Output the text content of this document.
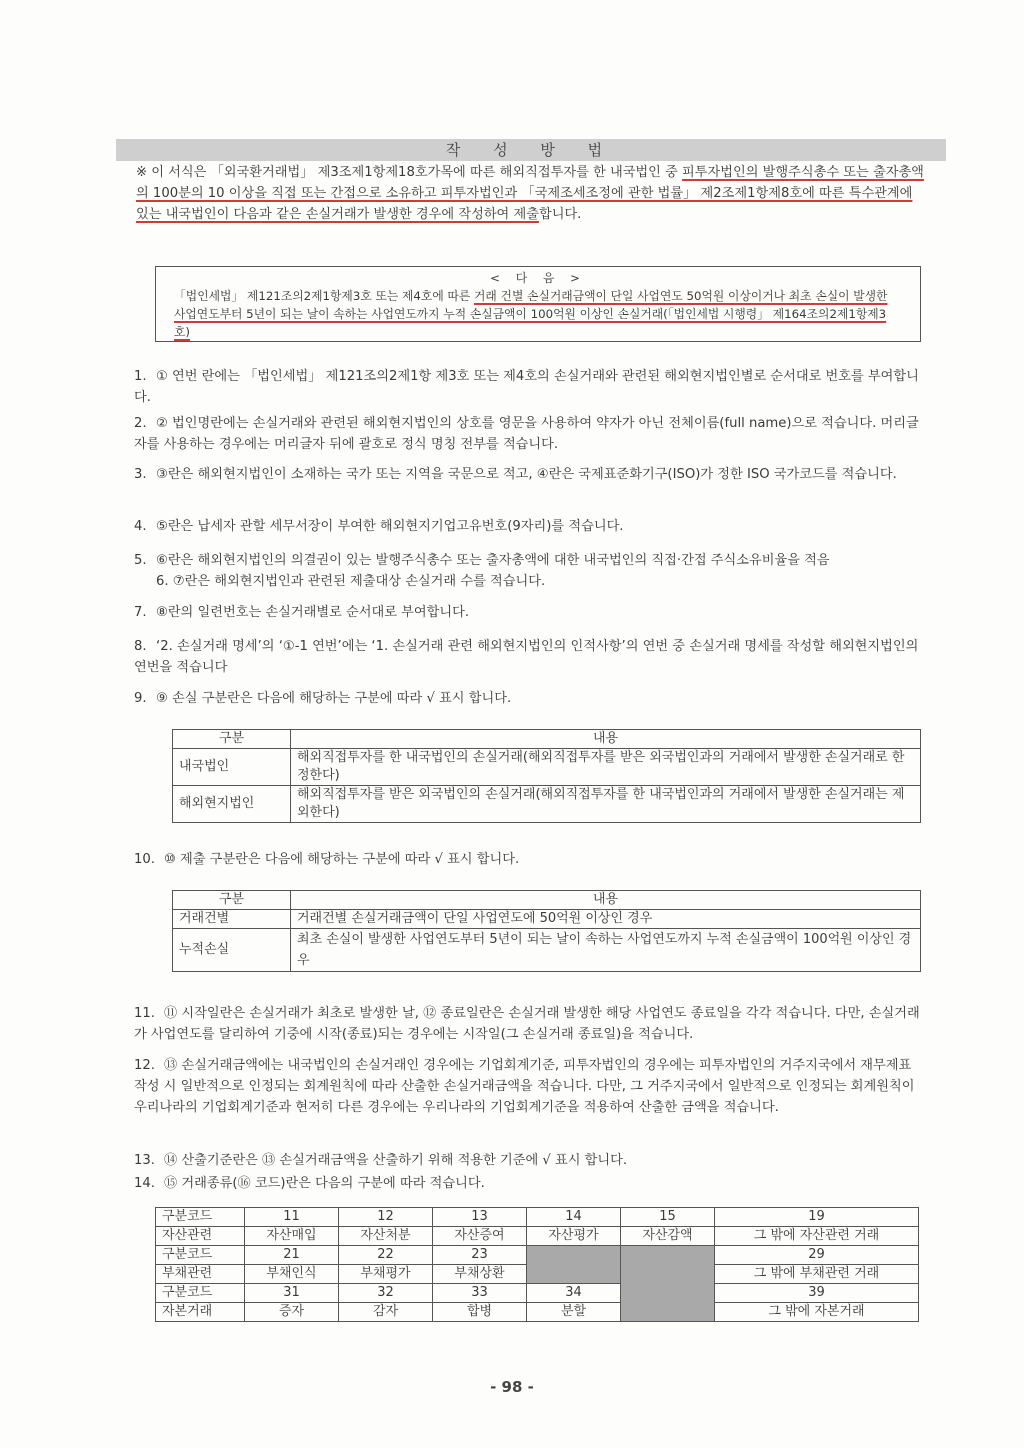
작 성 방 법
※ 이 서식은 「외국환거래법」 제3조제1항제18호가목에 따른 해외직접투자를 한 내국법인 중 피투자법인의 발행주식총수 또는 출자총액의 100분의 10 이상을 직접 또는 간접으로 소유하고 피투자법인과 「국제조세조정에 관한 법률」 제2조제1항제8호에 따른 특수관계에 있는 내국법인이 다음과 같은 손실거래가 발생한 경우에 작성하여 제출합니다.
< 다 음 >
「법인세법」 제121조의2제1항제3호 또는 제4호에 따른 거래 건별 손실거래금액이 단일 사업연도 50억원 이상이거나 최초 손실이 발생한 사업연도부터 5년이 되는 날이 속하는 사업연도까지 누적 손실금액이 100억원 이상인 손실거래(「법인세법 시행령」 제164조의2제1항제3호)
1. ① 연번 란에는 「법인세법」 제121조의2제1항 제3호 또는 제4호의 손실거래와 관련된 해외현지법인별로 순서대로 번호를 부여합니다.
2. ② 법인명란에는 손실거래와 관련된 해외현지법인의 상호를 영문을 사용하여 약자가 아닌 전체이름(full name)으로 적습니다. 머리글자를 사용하는 경우에는 머리글자 뒤에 괄호로 정식 명칭 전부를 적습니다.
3. ③란은 해외현지법인이 소재하는 국가 또는 지역을 국문으로 적고, ④란은 국제표준화기구(ISO)가 정한 ISO 국가코드를 적습니다.
4. ⑤란은 납세자 관할 세무서장이 부여한 해외현지기업고유번호(9자리)를 적습니다.
5. ⑥란은 해외현지법인의 의결권이 있는 발행주식총수 또는 출자총액에 대한 내국법인의 직접·간접 주식소유비율을 적음
6. ⑦란은 해외현지법인과 관련된 제출대상 손실거래 수를 적습니다.
7. ⑧란의 일련번호는 손실거래별로 순서대로 부여합니다.
8. ‘2. 손실거래 명세’의 ‘①-1 연번’에는 ‘1. 손실거래 관련 해외현지법인의 인적사항’의 연번 중 손실거래 명세를 작성할 해외현지법인의 연번을 적습니다
9. ⑨ 손실 구분란은 다음에 해당하는 구분에 따라 √ 표시 합니다.
구분	내용
내국법인	해외직접투자를 한 내국법인의 손실거래(해외직접투자를 받은 외국법인과의 거래에서 발생한 손실거래로 한정한다)
해외현지법인	해외직접투자를 받은 외국법인의 손실거래(해외직접투자를 한 내국법인과의 거래에서 발생한 손실거래는 제외한다)
10. ⑩ 제출 구분란은 다음에 해당하는 구분에 따라 √ 표시 합니다.
구분	내용
거래건별	거래건별 손실거래금액이 단일 사업연도에 50억원 이상인 경우
누적손실	최초 손실이 발생한 사업연도부터 5년이 되는 날이 속하는 사업연도까지 누적 손실금액이 100억원 이상인 경우
11. ⑪ 시작일란은 손실거래가 최초로 발생한 날, ⑫ 종료일란은 손실거래 발생한 해당 사업연도 종료일을 각각 적습니다. 다만, 손실거래가 사업연도를 달리하여 기중에 시작(종료)되는 경우에는 시작일(그 손실거래 종료일)을 적습니다.
12. ⑬ 손실거래금액에는 내국법인의 손실거래인 경우에는 기업회계기준, 피투자법인의 경우에는 피투자법인의 거주지국에서 재무제표 작성 시 일반적으로 인정되는 회계원칙에 따라 산출한 손실거래금액을 적습니다. 다만, 그 거주지국에서 일반적으로 인정되는 회계원칙이 우리나라의 기업회계기준과 현저히 다른 경우에는 우리나라의 기업회계기준을 적용하여 산출한 금액을 적습니다.
13. ⑭ 산출기준란은 ⑬ 손실거래금액을 산출하기 위해 적용한 기준에 √ 표시 합니다.
14. ⑮ 거래종류(⑯ 코드)란은 다음의 구분에 따라 적습니다.
구분코드	11	12	13	14	15	19
자산관련	자산매입	자산처분	자산증여	자산평가	자산감액	그 밖에 자산관련 거래
구분코드	21	22	23			29
부채관련	부채인식	부채평가	부채상환			그 밖에 부채관련 거래
구분코드	31	32	33	34		39
자본거래	증자	감자	합병	분할		그 밖에 자본거래
- 98 -
